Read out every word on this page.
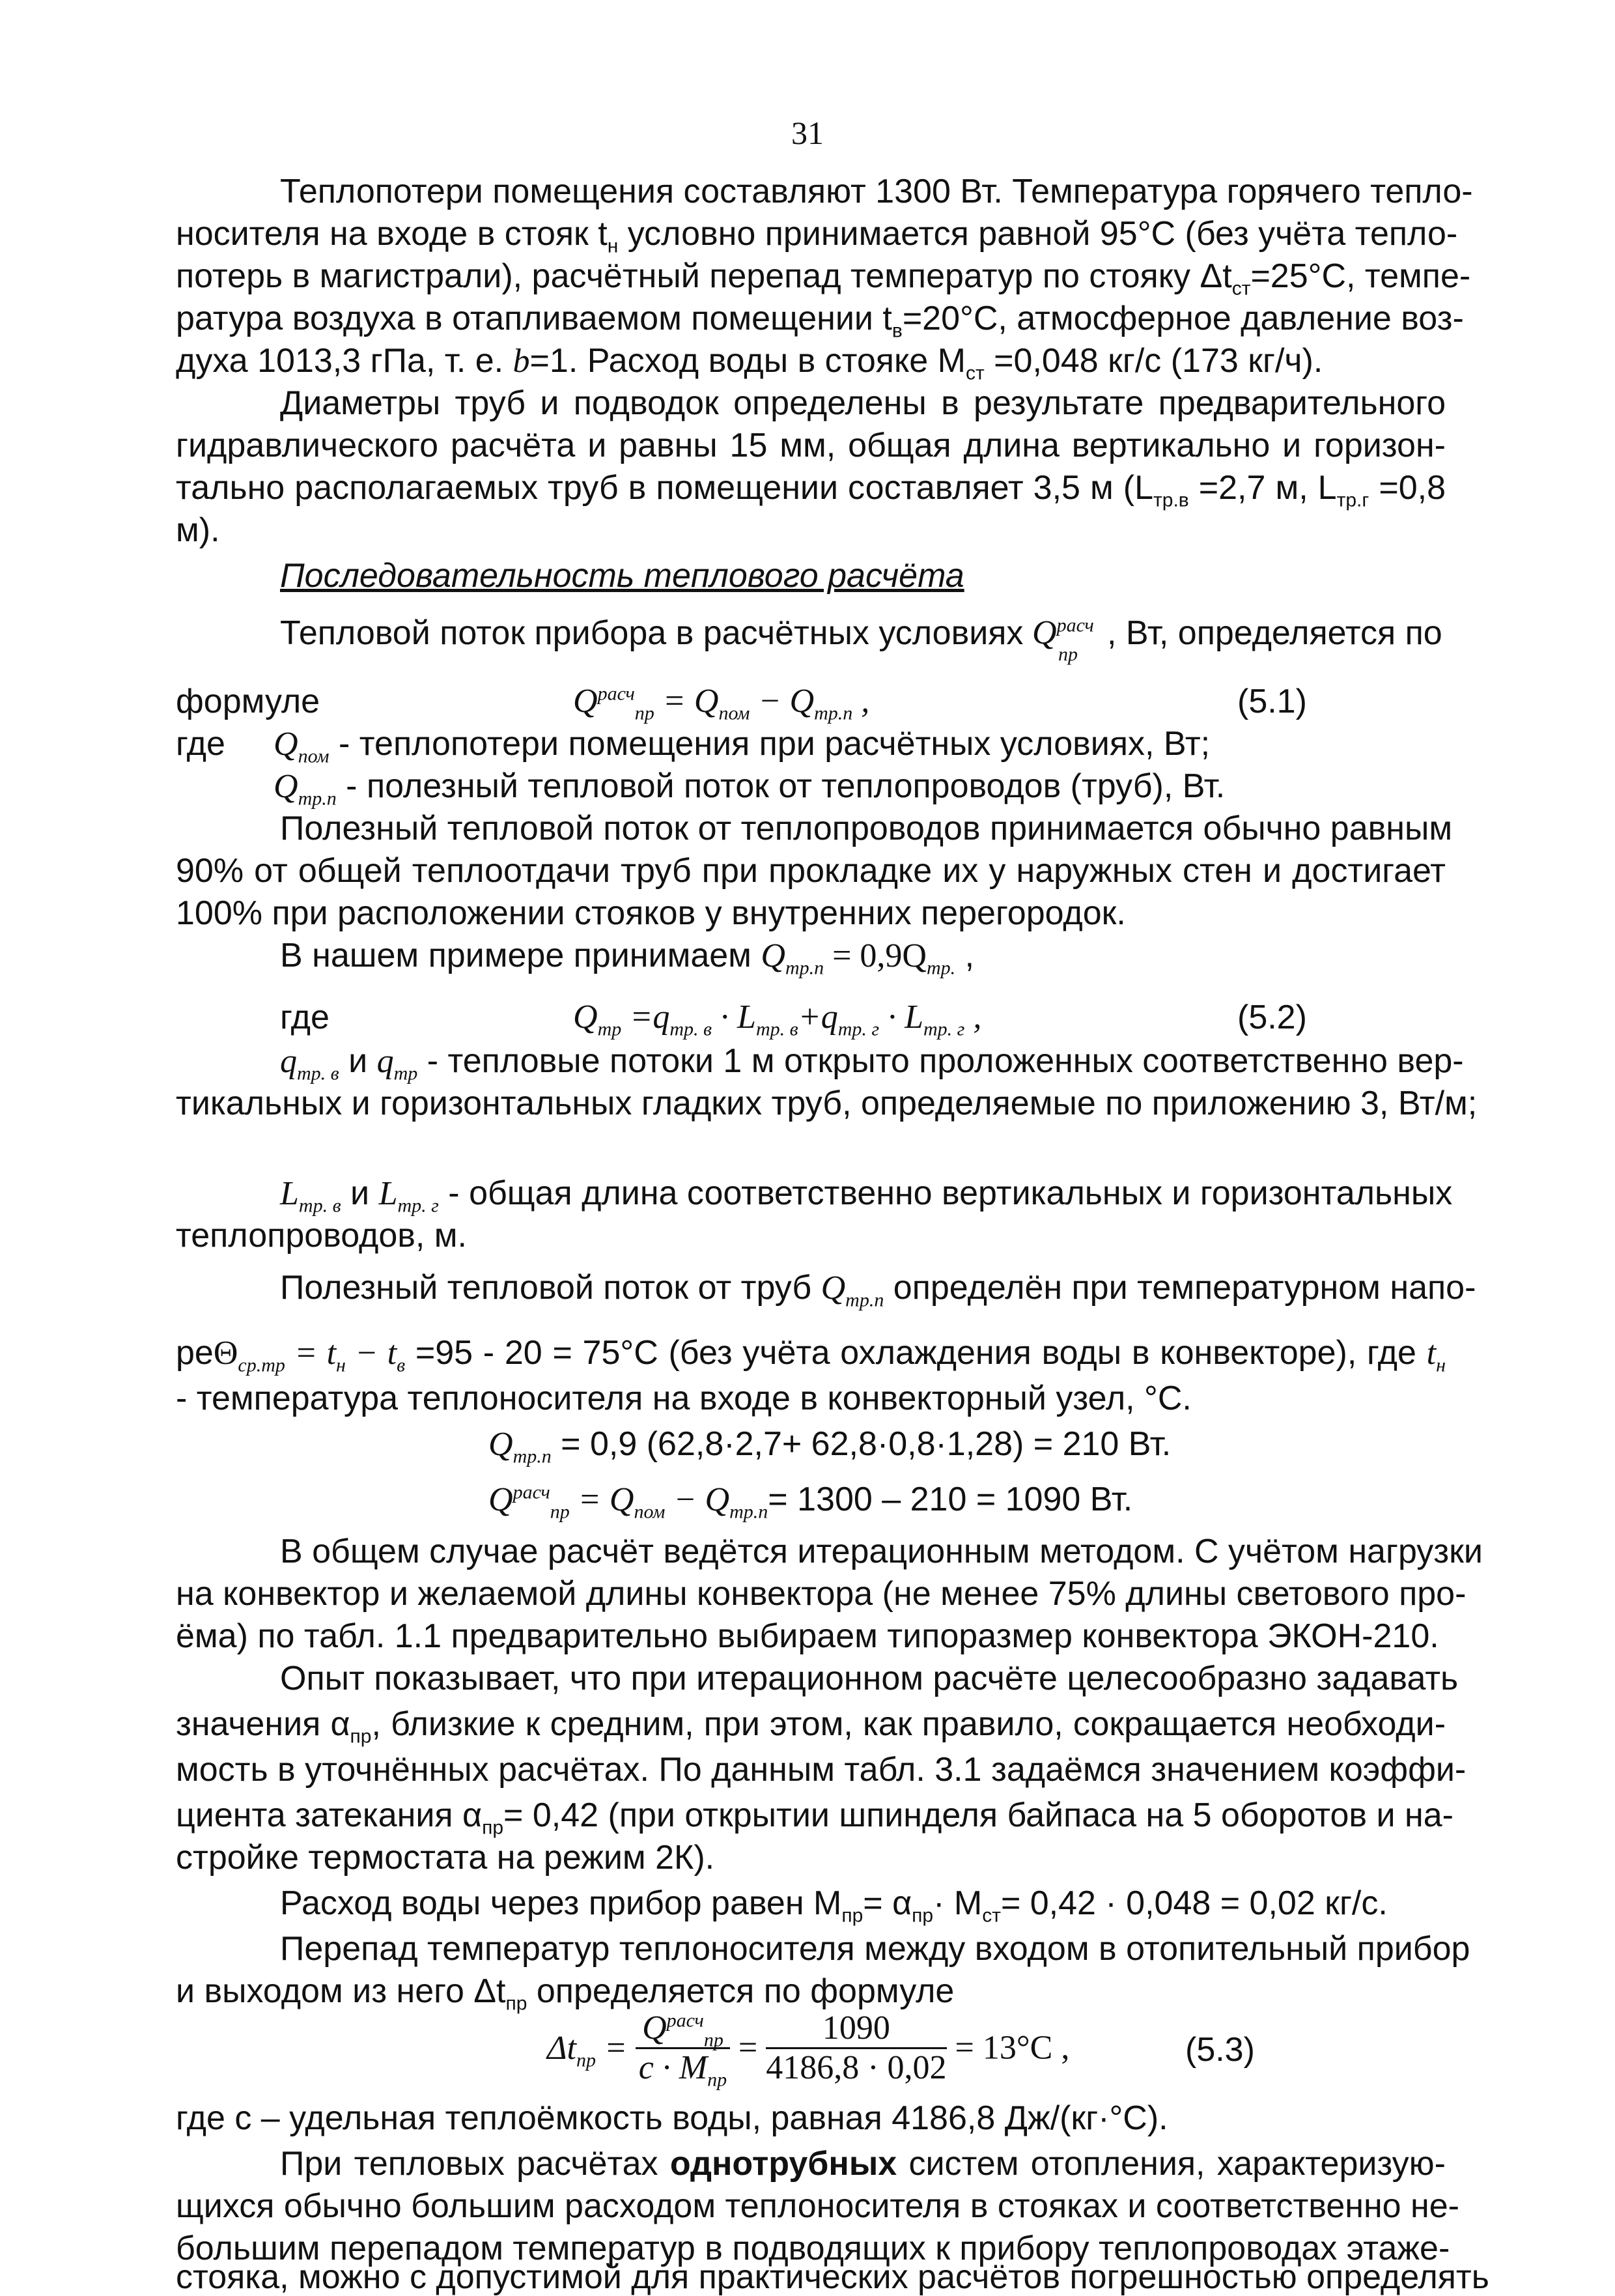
31
Теплопотери помещения составляют 1300 Вт. Температура горячего тепло-
носителя на входе в стояк $t_н$ условно принимается равной 95°С (без учёта тепло-
потерь в магистрали), расчётный перепад температур по стояку $\Delta t_{ст}=25^\circ С$, темпе-
ратура воздуха в отапливаемом помещении $t_в=20^\circ С$, атмосферное давление воз-
духа 1013,3 гПа, т. е. b=1. Расход воды в стояке $М_{ст} =0,048$ кг/с (173 кг/ч).
Диаметры труб и подводок определены в результате предварительного
гидравлического расчёта и равны 15 мм, общая длина вертикально и горизон-
тально располагаемых труб в помещении составляет 3,5 м ($L_{тр.в} =2,7$ м, $L_{тр.г} =0,8$
м).
Последовательность теплового расчёта
Тепловой поток прибора в расчётных условиях $Q^{расч}$
пр
, Вт, определяется по
формуле	$Q^{расч}_{пр} = Q_{пом} - Q_{тр.п}$ ,	(5.1)
где $Q_{пом}$ - теплопотери помещения при расчётных условиях, Вт;
$Q_{тр.п}$ - полезный тепловой поток от теплопроводов (труб), Вт.
Полезный тепловой поток от теплопроводов принимается обычно равным
90% от общей теплоотдачи труб при прокладке их у наружных стен и достигает
100% при расположении стояков у внутренних перегородок.
В нашем примере принимаем $Q_{тр.п} = 0,9Q_{тр.}$ ,
где	$Q_{тр} =q_{тр. в} \cdot L_{тр. в}+q_{тр. г} \cdot L_{тр. г}$ ,	(5.2)
$q_{тр. в}$ и $q_{тр}$ - тепловые потоки 1 м открыто проложенных соответственно вер-
тикальных и горизонтальных гладких труб, определяемые по приложению 3, Вт/м;
$L_{тр. в}$ и $L_{тр. г}$ - общая длина соответственно вертикальных и горизонтальных
теплопроводов, м.
Полезный тепловой поток от труб $Q_{тр.п}$ определён при температурном напо-
$ре\Theta_{ср.тр} = t_н - t_в =95 - 20 = 75^\circ С$ (без учёта охлаждения воды в конвекторе), где $t_н$
- температура теплоносителя на входе в конвекторный узел, °С.
$Q_{тр.п} = 0,9$ (62,8·2,7+ 62,8·0,8·1,28) = 210 Вт.
$Q^{расч}_{пр} = Q_{пом} - Q_{тр.п}= 1300 - 210 = 1090$ Вт.
В общем случае расчёт ведётся итерационным методом. С учётом нагрузки
на конвектор и желаемой длины конвектора (не менее 75% длины светового про-
ёма) по табл. 1.1 предварительно выбираем типоразмер конвектора ЭКОН-210.
Опыт показывает, что при итерационном расчёте целесообразно задавать
значения $\alpha_{пр}$, близкие к средним, при этом, как правило, сокращается необходи-
мость в уточнённых расчётах. По данным табл. 3.1 задаёмся значением коэффи-
циента затекания $\alpha_{пр}= 0,42$ (при открытии шпинделя байпаса на 5 оборотов и на-
стройке термостата на режим 2К).
Расход воды через прибор равен $М_{пр}= \alpha_{пр}\cdot М_{ст}= 0,42 \cdot 0,048 = 0,02$ кг/с.
Перепад температур теплоносителя между входом в отопительный прибор
и выходом из него $\Delta t_{пр}$ определяется по формуле
$\Delta t_{пр} = \frac{Q^{расч}_{пр}}{c \cdot M_{пр}} = \frac{1090}{4186,8 \cdot 0,02} = 13^\circ C$ ,	(5.3)
где с – удельная теплоёмкость воды, равная 4186,8 Дж/(кг·°С).
При тепловых расчётах однотрубных систем отопления, характеризую-
щихся обычно большим расходом теплоносителя в стояках и соответственно не-
большим перепадом температур в подводящих к прибору теплопроводах этаже-
стояка, можно с допустимой для практических расчётов погрешностью определять
